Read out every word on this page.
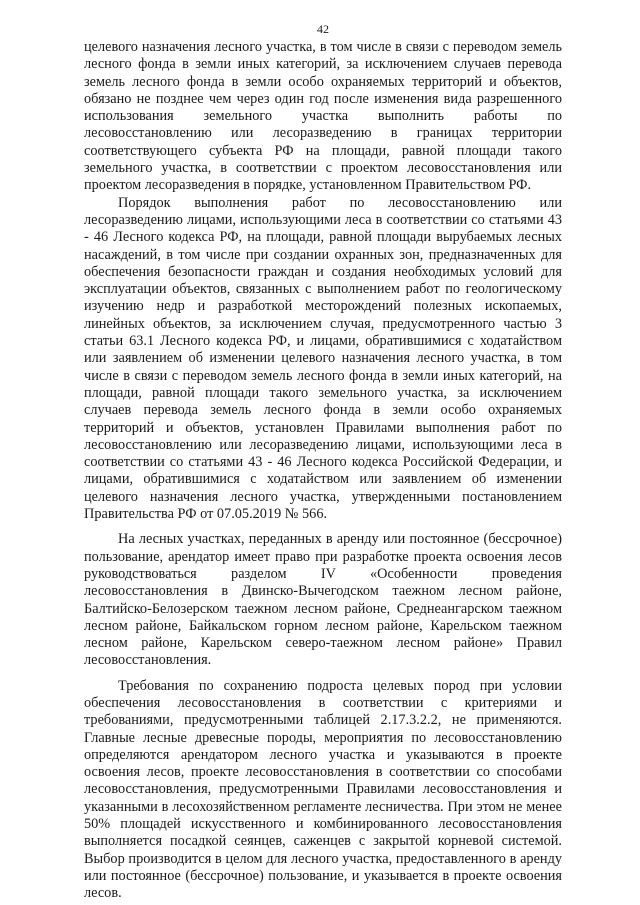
42

целевого назначения лесного участка, в том числе в связи с переводом земель лесного фонда в земли иных категорий, за исключением случаев перевода земель лесного фонда в земли особо охраняемых территорий и объектов, обязано не позднее чем через один год после изменения вида разрешенного использования земельного участка выполнить работы по лесовосстановлению или лесоразведению в границах территории соответствующего субъекта РФ на площади, равной площади такого земельного участка, в соответствии с проектом лесовосстановления или проектом лесоразведения в порядке, установленном Правительством РФ.

Порядок выполнения работ по лесовосстановлению или лесоразведению лицами, использующими леса в соответствии со статьями 43 - 46 Лесного кодекса РФ, на площади, равной площади вырубаемых лесных насаждений, в том числе при создании охранных зон, предназначенных для обеспечения безопасности граждан и создания необходимых условий для эксплуатации объектов, связанных с выполнением работ по геологическому изучению недр и разработкой месторождений полезных ископаемых, линейных объектов, за исключением случая, предусмотренного частью 3 статьи 63.1 Лесного кодекса РФ, и лицами, обратившимися с ходатайством или заявлением об изменении целевого назначения лесного участка, в том числе в связи с переводом земель лесного фонда в земли иных категорий, на площади, равной площади такого земельного участка, за исключением случаев перевода земель лесного фонда в земли особо охраняемых территорий и объектов, установлен Правилами выполнения работ по лесовосстановлению или лесоразведению лицами, использующими леса в соответствии со статьями 43 - 46 Лесного кодекса Российской Федерации, и лицами, обратившимися с ходатайством или заявлением об изменении целевого назначения лесного участка, утвержденными постановлением Правительства РФ от 07.05.2019 № 566.

На лесных участках, переданных в аренду или постоянное (бессрочное) пользование, арендатор имеет право при разработке проекта освоения лесов руководствоваться разделом IV «Особенности проведения лесовосстановления в Двинско-Вычегодском таежном лесном районе, Балтийско-Белозерском таежном лесном районе, Среднеангарском таежном лесном районе, Байкальском горном лесном районе, Карельском таежном лесном районе, Карельском северо-таежном лесном районе» Правил лесовосстановления.

Требования по сохранению подроста целевых пород при условии обеспечения лесовосстановления в соответствии с критериями и требованиями, предусмотренными таблицей 2.17.3.2.2, не применяются. Главные лесные древесные породы, мероприятия по лесовосстановлению определяются арендатором лесного участка и указываются в проекте освоения лесов, проекте лесовосстановления в соответствии со способами лесовосстановления, предусмотренными Правилами лесовосстановления и указанными в лесохозяйственном регламенте лесничества. При этом не менее 50% площадей искусственного и комбинированного лесовосстановления выполняется посадкой сеянцев, саженцев с закрытой корневой системой. Выбор производится в целом для лесного участка, предоставленного в аренду или постоянное (бессрочное) пользование, и указывается в проекте освоения лесов.
